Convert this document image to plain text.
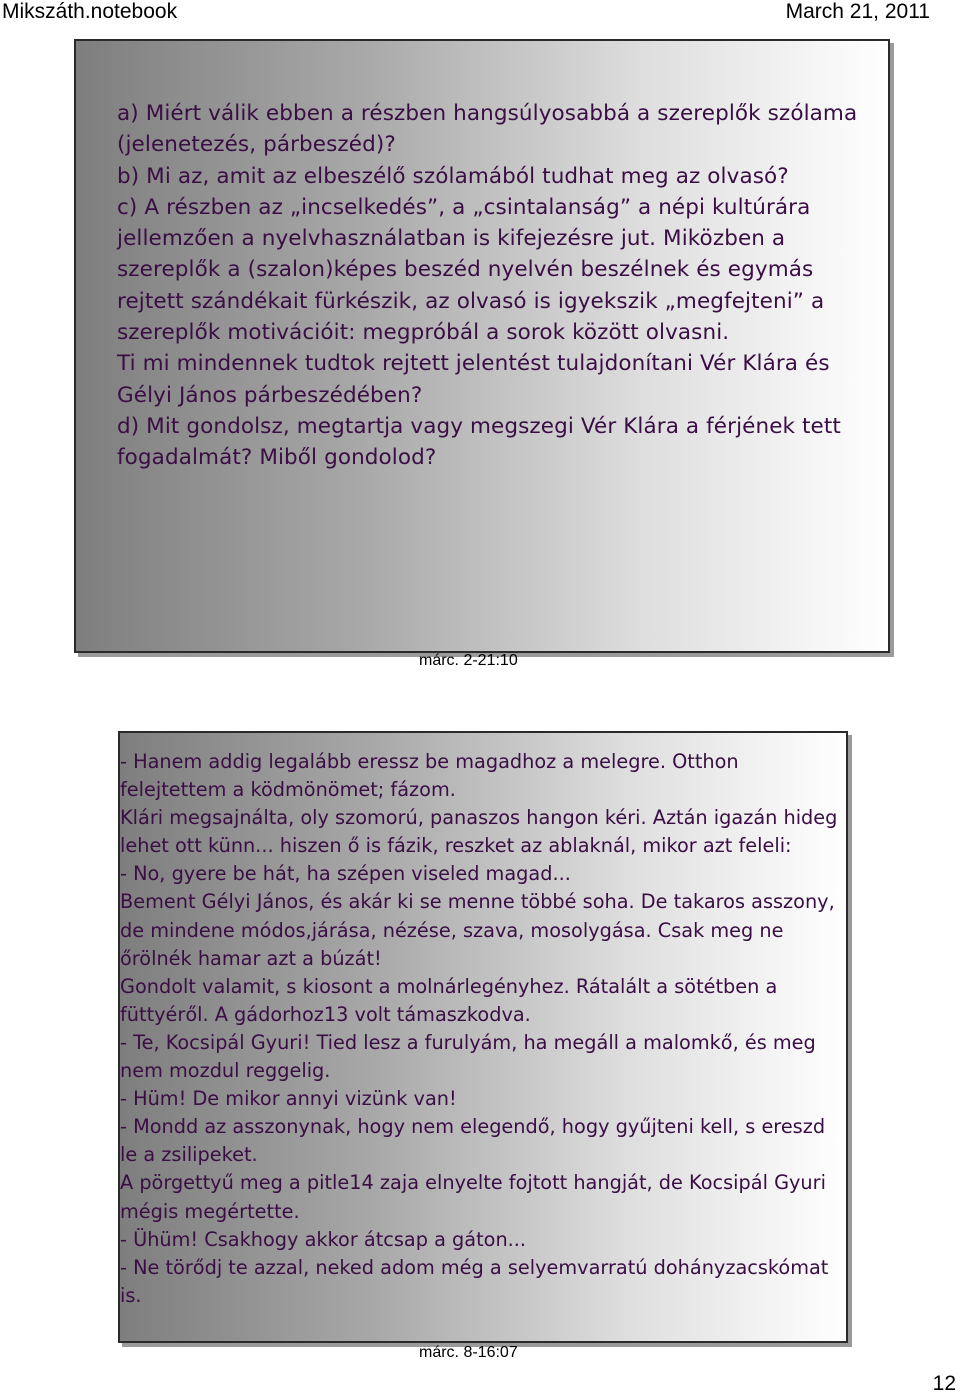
Mikszáth.notebook	March 21, 2011

a) Miért válik ebben a részben hangsúlyosabbá a szereplők szólama (jelenetezés, párbeszéd)?

b) Mi az, amit az elbeszélő szólamából tudhat meg az olvasó?

c) A részben az „incselkedés”, a „csintalanság” a népi kultúrára jellemzően a nyelvhasználatban is kifejezésre jut. Miközben a szereplők a (szalon)képes beszéd nyelvén beszélnek és egymás rejtett szándékait fürkészik, az olvasó is igyekszik „megfejteni” a szereplők motivációit: megpróbál a sorok között olvasni.

Ti mi mindennek tudtok rejtett jelentést tulajdonítani Vér Klára és Gélyi János párbeszédében?

d) Mit gondolsz, megtartja vagy megszegi Vér Klára a férjének tett fogadalmát? Miből gondolod?

márc. 2-21:10

- Hanem addig legalább eressz be magadhoz a melegre. Otthon felejtettem a ködmönömet; fázom.

Klári megsajnálta, oly szomorú, panaszos hangon kéri. Aztán igazán hideg lehet ott künn... hiszen ő is fázik, reszket az ablaknál, mikor azt feleli:

- No, gyere be hát, ha szépen viseled magad...

Bement Gélyi János, és akár ki se menne többé soha. De takaros asszony, de mindene módos,járása, nézése, szava, mosolygása. Csak meg ne őrölnék hamar azt a búzát!

Gondolt valamit, s kiosont a molnárlegényhez. Rátalált a sötétben a füttyéről. A gádorhoz13 volt támaszkodva.

- Te, Kocsipál Gyuri! Tied lesz a furulyám, ha megáll a malomkő, és meg nem mozdul reggelig.

- Hüm! De mikor annyi vizünk van!

- Mondd az asszonynak, hogy nem elegendő, hogy gyűjteni kell, s ereszd le a zsilipeket.

A pörgettyű meg a pitle14 zaja elnyelte fojtott hangját, de Kocsipál Gyuri mégis megértette.

- Ühüm! Csakhogy akkor átcsap a gáton...

- Ne törődj te azzal, neked adom még a selyemvarratú dohányzacskómat is.

márc. 8-16:07
12
